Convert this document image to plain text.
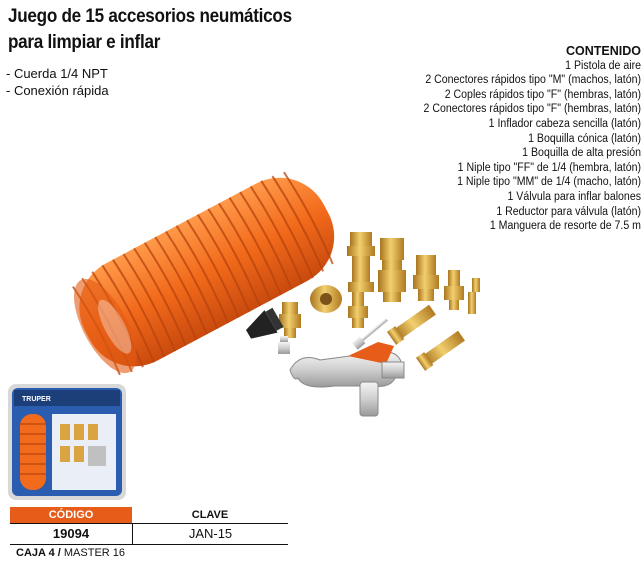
Juego de 15 accesorios neumáticos
para limpiar e inflar
- Cuerda 1/4 NPT
- Conexión rápida
CONTENIDO
1 Pistola de aire
2 Conectores rápidos tipo "M" (machos, latón)
2 Coples rápidos tipo "F" (hembras, latón)
2 Conectores rápidos tipo "F" (hembras, latón)
1 Inflador cabeza sencilla (latón)
1 Boquilla cónica (latón)
1 Boquilla de alta presión
1 Niple tipo "FF" de 1/4 (hembra, latón)
1 Niple tipo "MM" de 1/4 (macho, latón)
1 Válvula para inflar balones
1 Reductor para válvula (latón)
1 Manguera de resorte de 7.5 m
TRUPER
CÓDIGO	CLAVE
19094	JAN-15
CAJA 4 / MASTER 16
